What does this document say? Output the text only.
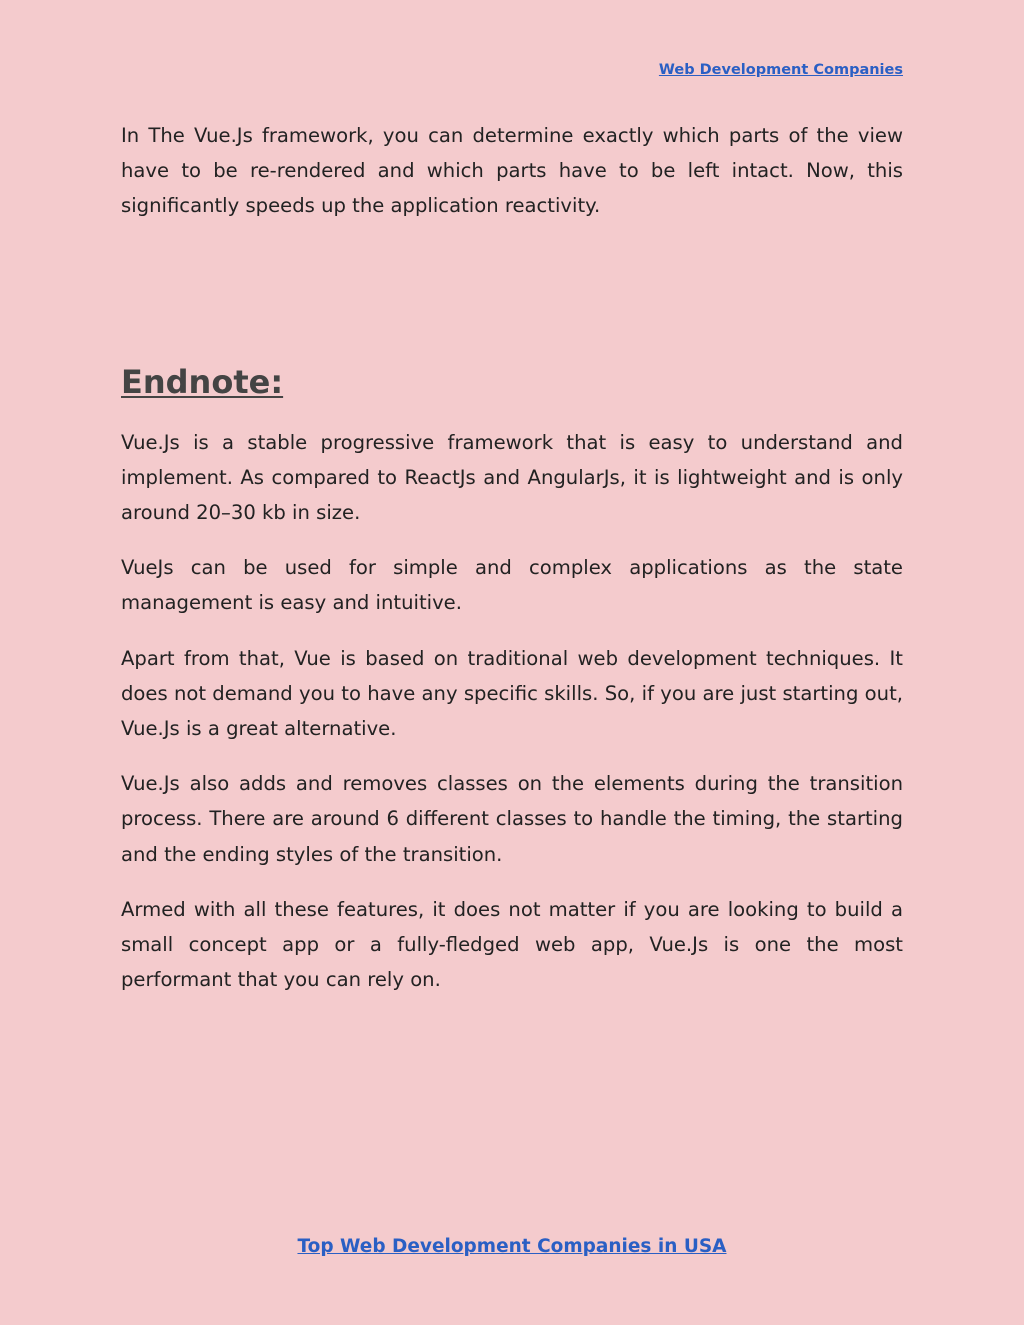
Web Development Companies

In The Vue.Js framework, you can determine exactly which parts of the view have to be re-rendered and which parts have to be left intact. Now, this significantly speeds up the application reactivity.

Endnote:

Vue.Js is a stable progressive framework that is easy to understand and implement. As compared to ReactJs and AngularJs, it is lightweight and is only around 20–30 kb in size.

VueJs can be used for simple and complex applications as the state management is easy and intuitive.

Apart from that, Vue is based on traditional web development techniques. It does not demand you to have any specific skills. So, if you are just starting out, Vue.Js is a great alternative.

Vue.Js also adds and removes classes on the elements during the transition process. There are around 6 different classes to handle the timing, the starting and the ending styles of the transition.

Armed with all these features, it does not matter if you are looking to build a small concept app or a fully-fledged web app, Vue.Js is one the most performant that you can rely on.

Top Web Development Companies in USA
